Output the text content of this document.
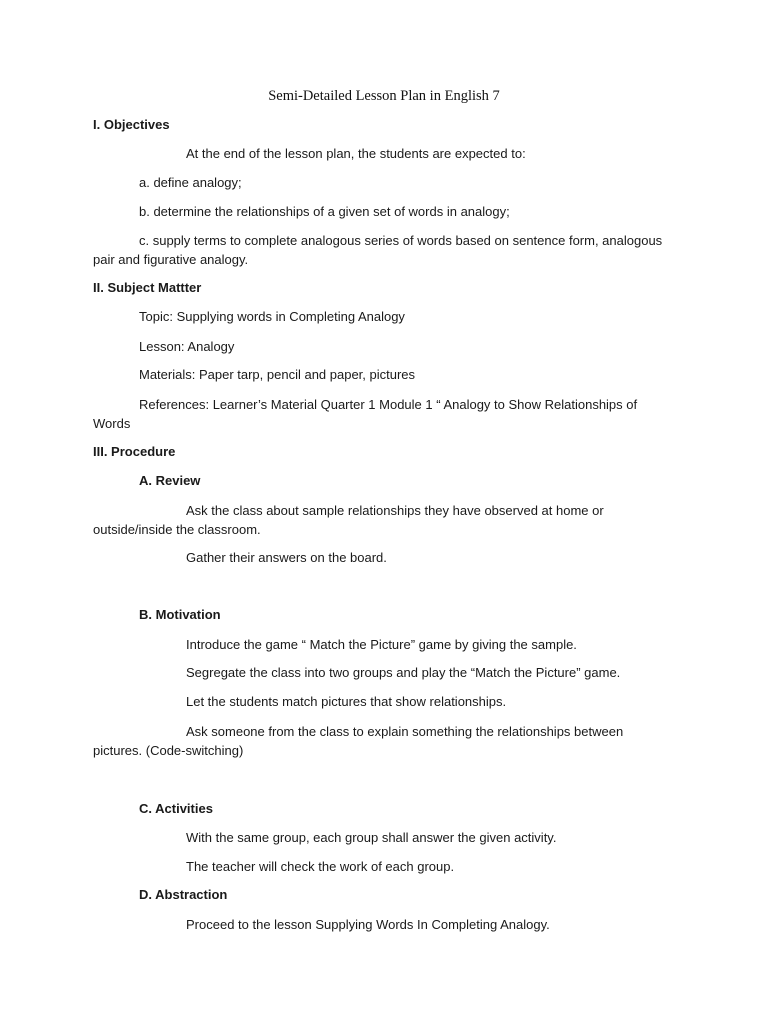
Semi-Detailed Lesson Plan in English 7
I. Objectives
At the end of the lesson plan, the students are expected to:
a. define analogy;
b. determine the relationships of a given set of words in analogy;
c. supply terms to complete analogous series of words based on sentence form, analogous pair and figurative analogy.
II. Subject Mattter
Topic: Supplying words in Completing Analogy
Lesson: Analogy
Materials: Paper tarp, pencil and paper, pictures
References: Learner’s Material Quarter 1 Module 1 “ Analogy to Show Relationships of Words
III. Procedure
A. Review
Ask the class about sample relationships they have observed at home or outside/inside the classroom.
Gather their answers on the board.
B. Motivation
Introduce the game “ Match the Picture” game by giving the sample.
Segregate the class into two groups and play the “Match the Picture” game.
Let the students match pictures that show relationships.
Ask someone from the class to explain something the relationships between pictures. (Code-switching)
C. Activities
With the same group, each group shall answer the given activity.
The teacher will check the work of each group.
D. Abstraction
Proceed to the lesson Supplying Words In Completing Analogy.
